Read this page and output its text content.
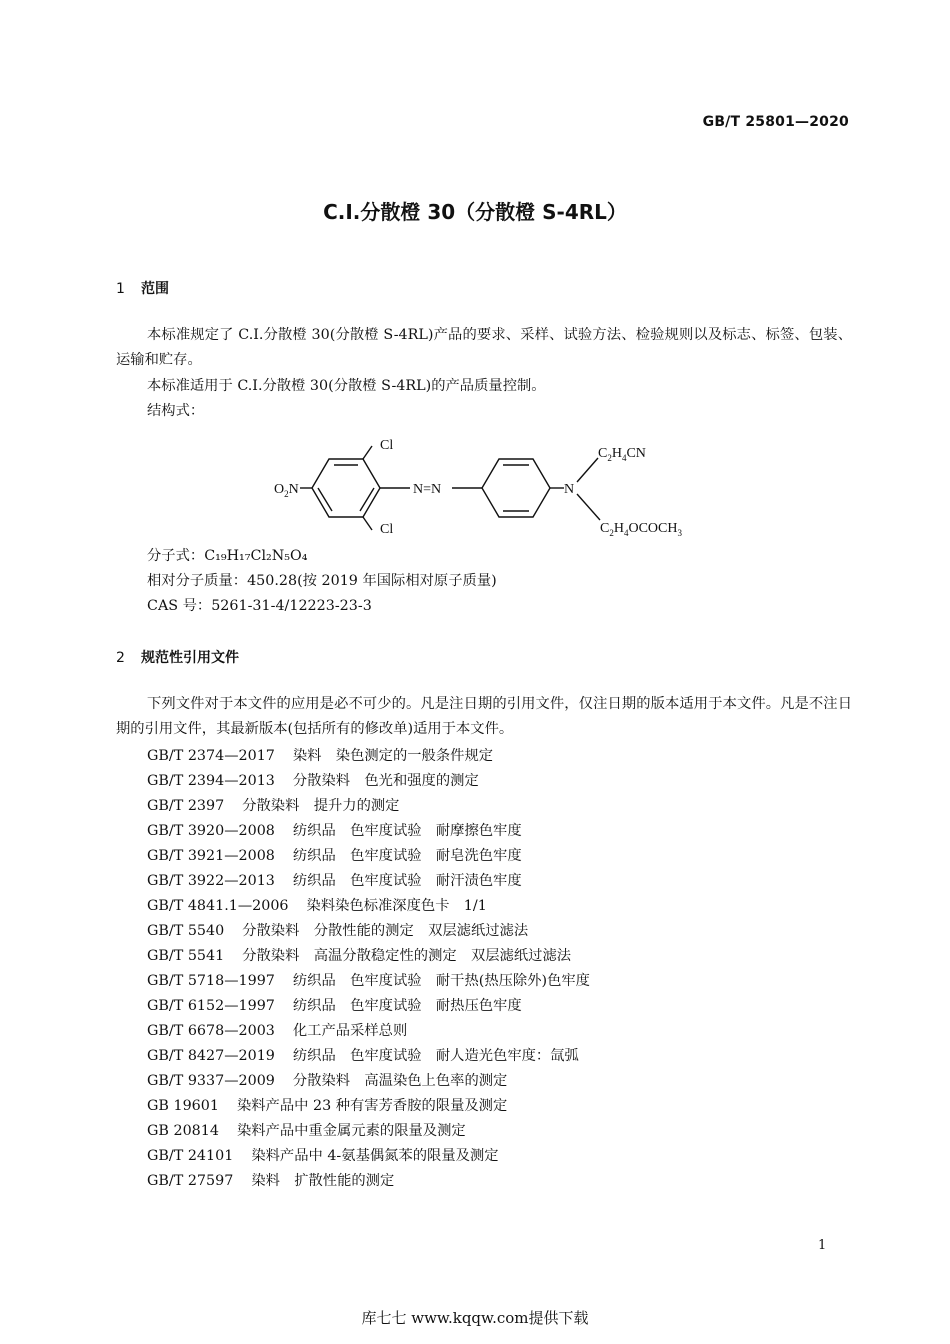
GB/T 25801—2020
C.I.分散橙 30（分散橙 S-4RL）
1 范围
本标准规定了 C.I.分散橙 30(分散橙 S-4RL)产品的要求、采样、试验方法、检验规则以及标志、标签、包装、运输和贮存。
本标准适用于 C.I.分散橙 30(分散橙 S-4RL)的产品质量控制。
结构式：
Cl
Cl
$O_2N$	N=N	N
$C_2H_4CN$
$C_2H_4OCOCH_3$
分子式：C₁₉H₁₇Cl₂N₅O₄
相对分子质量：450.28(按 2019 年国际相对原子质量)
CAS 号：5261-31-4/12223-23-3
2 规范性引用文件
下列文件对于本文件的应用是必不可少的。凡是注日期的引用文件，仅注日期的版本适用于本文件。凡是不注日期的引用文件，其最新版本(包括所有的修改单)适用于本文件。
GB/T 2374—2017 染料　染色测定的一般条件规定
GB/T 2394—2013 分散染料　色光和强度的测定
GB/T 2397 分散染料　提升力的测定
GB/T 3920—2008 纺织品　色牢度试验　耐摩擦色牢度
GB/T 3921—2008 纺织品　色牢度试验　耐皂洗色牢度
GB/T 3922—2013 纺织品　色牢度试验　耐汗渍色牢度
GB/T 4841.1—2006 染料染色标准深度色卡　1/1
GB/T 5540 分散染料　分散性能的测定　双层滤纸过滤法
GB/T 5541 分散染料　高温分散稳定性的测定　双层滤纸过滤法
GB/T 5718—1997 纺织品　色牢度试验　耐干热(热压除外)色牢度
GB/T 6152—1997 纺织品　色牢度试验　耐热压色牢度
GB/T 6678—2003 化工产品采样总则
GB/T 8427—2019 纺织品　色牢度试验　耐人造光色牢度：氙弧
GB/T 9337—2009 分散染料　高温染色上色率的测定
GB 19601 染料产品中 23 种有害芳香胺的限量及测定
GB 20814 染料产品中重金属元素的限量及测定
GB/T 24101 染料产品中 4-氨基偶氮苯的限量及测定
GB/T 27597 染料　扩散性能的测定
1
库七七 www.kqqw.com提供下载
